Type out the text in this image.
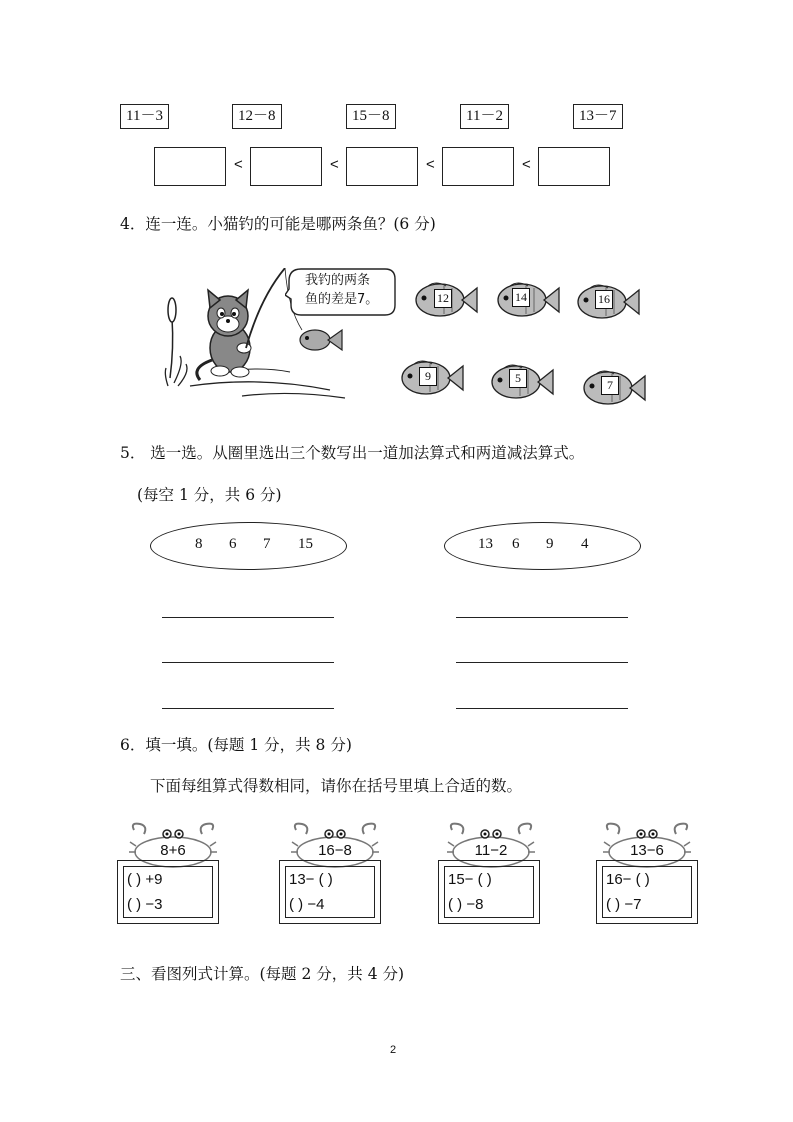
11－3	12－8	15－8	11－2	13－7
<	<	<	<
4．连一连。小猫钓的可能是哪两条鱼？(6 分)
我钓的两条
鱼的差是7。	12	14	16
9	5	7
5． 选一选。从圈里选出三个数写出一道加法算式和两道减法算式。
(每空 1 分，共 6 分)
8 6 7 15	13 6 9 4
6．填一填。(每题 1 分，共 8 分)
下面每组算式得数相同，请你在括号里填上合适的数。
8+6
( ) +9
( ) −3
16−8
13− ( )
( ) −4
11−2
15− ( )
( ) −8
13−6
16− ( )
( ) −7
三、看图列式计算。(每题 2 分，共 4 分)
2
